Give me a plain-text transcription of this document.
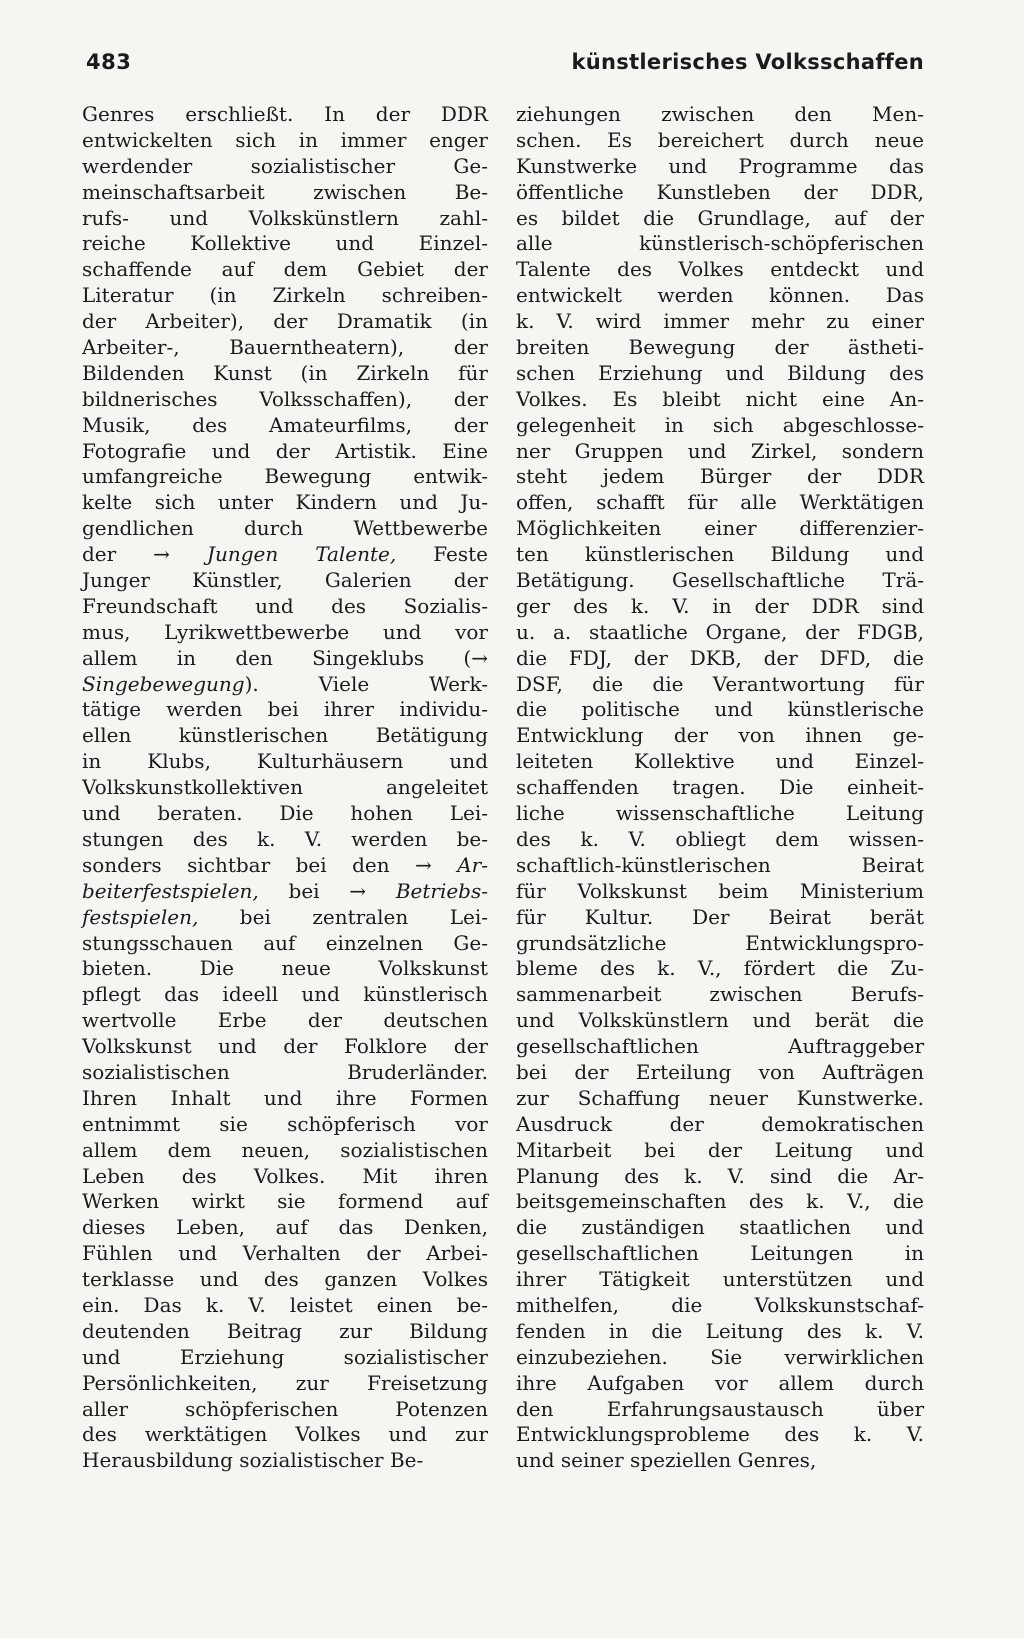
483	künstlerisches Volksschaffen
Genres erschließt. In der DDR
entwickelten sich in immer enger
werdender sozialistischer Ge-
meinschaftsarbeit zwischen Be-
rufs- und Volkskünstlern zahl-
reiche Kollektive und Einzel-
schaffende auf dem Gebiet der
Literatur (in Zirkeln schreiben-
der Arbeiter), der Dramatik (in
Arbeiter-, Bauerntheatern), der
Bildenden Kunst (in Zirkeln für
bildnerisches Volksschaffen), der
Musik, des Amateurfilms, der
Fotografie und der Artistik. Eine
umfangreiche Bewegung entwik-
kelte sich unter Kindern und Ju-
gendlichen durch Wettbewerbe
der → Jungen Talente, Feste
Junger Künstler, Galerien der
Freundschaft und des Sozialis-
mus, Lyrikwettbewerbe und vor
allem in den Singeklubs (→
Singebewegung). Viele Werk-
tätige werden bei ihrer individu-
ellen künstlerischen Betätigung
in Klubs, Kulturhäusern und
Volkskunstkollektiven angeleitet
und beraten. Die hohen Lei-
stungen des k. V. werden be-
sonders sichtbar bei den → Ar-
beiterfestspielen, bei → Betriebs-
festspielen, bei zentralen Lei-
stungsschauen auf einzelnen Ge-
bieten. Die neue Volkskunst
pflegt das ideell und künstlerisch
wertvolle Erbe der deutschen
Volkskunst und der Folklore der
sozialistischen Bruderländer.
Ihren Inhalt und ihre Formen
entnimmt sie schöpferisch vor
allem dem neuen, sozialistischen
Leben des Volkes. Mit ihren
Werken wirkt sie formend auf
dieses Leben, auf das Denken,
Fühlen und Verhalten der Arbei-
terklasse und des ganzen Volkes
ein. Das k. V. leistet einen be-
deutenden Beitrag zur Bildung
und Erziehung sozialistischer
Persönlichkeiten, zur Freisetzung
aller schöpferischen Potenzen
des werktätigen Volkes und zur
Herausbildung sozialistischer Be-
ziehungen zwischen den Men-
schen. Es bereichert durch neue
Kunstwerke und Programme das
öffentliche Kunstleben der DDR,
es bildet die Grundlage, auf der
alle künstlerisch-schöpferischen
Talente des Volkes entdeckt und
entwickelt werden können. Das
k. V. wird immer mehr zu einer
breiten Bewegung der ästheti-
schen Erziehung und Bildung des
Volkes. Es bleibt nicht eine An-
gelegenheit in sich abgeschlosse-
ner Gruppen und Zirkel, sondern
steht jedem Bürger der DDR
offen, schafft für alle Werktätigen
Möglichkeiten einer differenzier-
ten künstlerischen Bildung und
Betätigung. Gesellschaftliche Trä-
ger des k. V. in der DDR sind
u. a. staatliche Organe, der FDGB,
die FDJ, der DKB, der DFD, die
DSF, die die Verantwortung für
die politische und künstlerische
Entwicklung der von ihnen ge-
leiteten Kollektive und Einzel-
schaffenden tragen. Die einheit-
liche wissenschaftliche Leitung
des k. V. obliegt dem wissen-
schaftlich-künstlerischen Beirat
für Volkskunst beim Ministerium
für Kultur. Der Beirat berät
grundsätzliche Entwicklungspro-
bleme des k. V., fördert die Zu-
sammenarbeit zwischen Berufs-
und Volkskünstlern und berät die
gesellschaftlichen Auftraggeber
bei der Erteilung von Aufträgen
zur Schaffung neuer Kunstwerke.
Ausdruck der demokratischen
Mitarbeit bei der Leitung und
Planung des k. V. sind die Ar-
beitsgemeinschaften des k. V., die
die zuständigen staatlichen und
gesellschaftlichen Leitungen in
ihrer Tätigkeit unterstützen und
mithelfen, die Volkskunstschaf-
fenden in die Leitung des k. V.
einzubeziehen. Sie verwirklichen
ihre Aufgaben vor allem durch
den Erfahrungsaustausch über
Entwicklungsprobleme des k. V.
und seiner speziellen Genres,
